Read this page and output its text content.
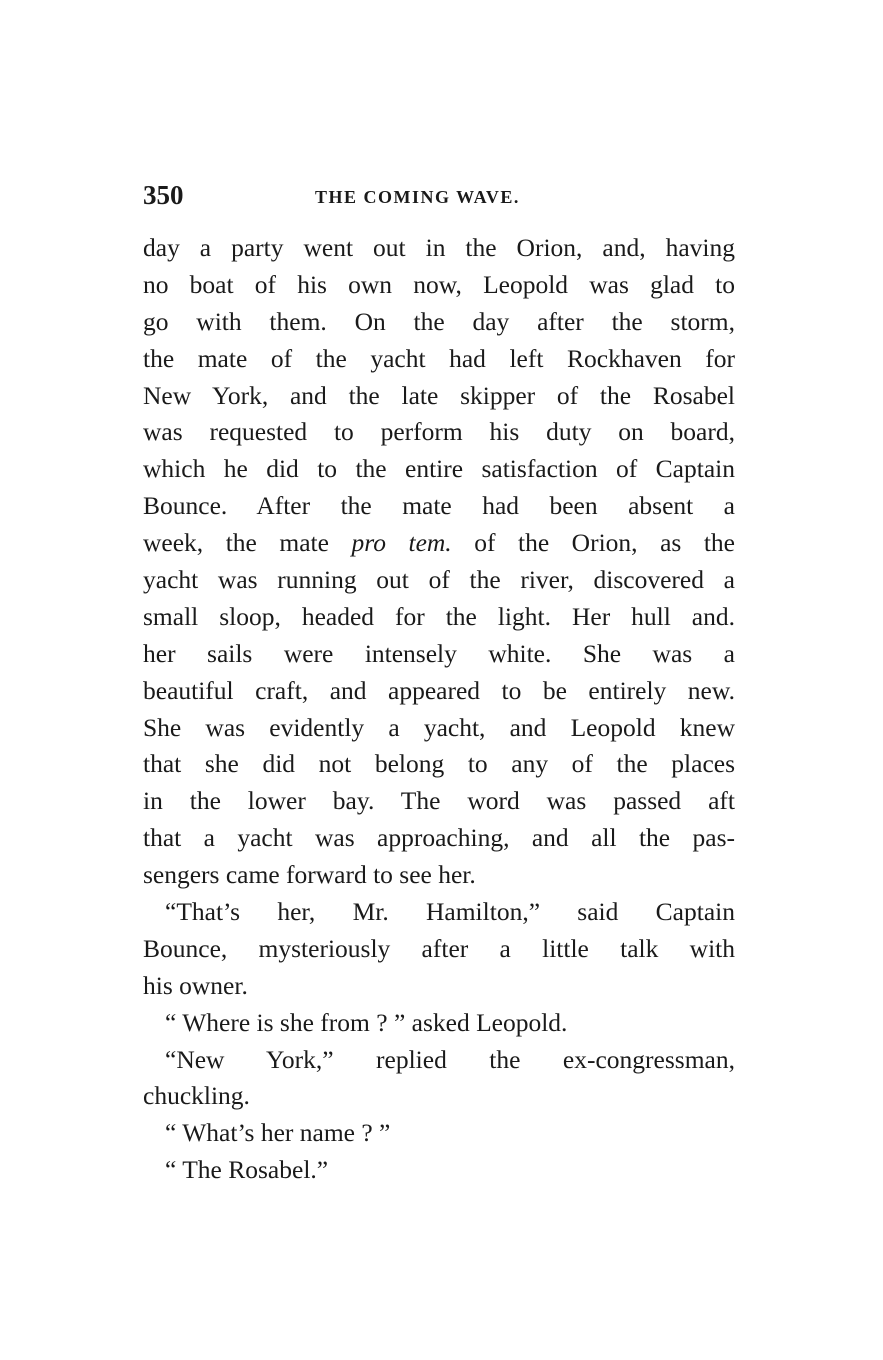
350	THE COMING WAVE.
day a party went out in the Orion, and, having
no boat of his own now, Leopold was glad to
go with them. On the day after the storm,
the mate of the yacht had left Rockhaven for
New York, and the late skipper of the Rosabel
was requested to perform his duty on board,
which he did to the entire satisfaction of Captain
Bounce. After the mate had been absent a
week, the mate pro tem. of the Orion, as the
yacht was running out of the river, discovered a
small sloop, headed for the light. Her hull and.
her sails were intensely white. She was a
beautiful craft, and appeared to be entirely new.
She was evidently a yacht, and Leopold knew
that she did not belong to any of the places
in the lower bay. The word was passed aft
that a yacht was approaching, and all the pas-
sengers came forward to see her.
“That’s her, Mr. Hamilton,” said Captain
Bounce, mysteriously after a little talk with
his owner.
“ Where is she from ? ” asked Leopold.
“New York,” replied the ex-congressman,
chuckling.
“ What’s her name ? ”
“ The Rosabel.”
